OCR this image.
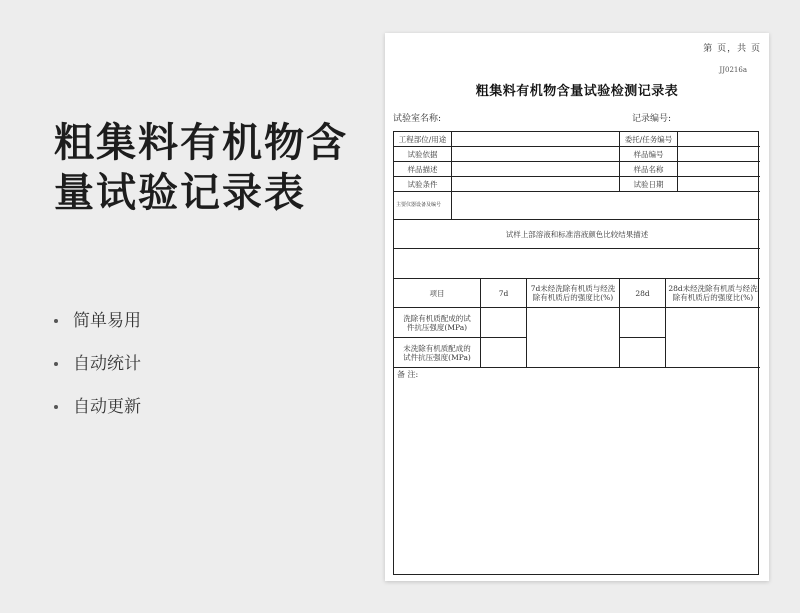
粗集料有机物含量试验记录表
简单易用
自动统计
自动更新
第 页，共 页
JJ0216a
粗集料有机物含量试验检测记录表
试验室名称:	记录编号:
工程部位/用途	委托/任务编号
试验依据	样品编号
样品描述	样品名称
试验条件	试验日期
主要仪器设备及编号
试样上部溶液和标准溶液颜色比较结果描述
项目	7d	7d未经洗除有机质与经洗除有机质后的强度比(%)	28d	28d未经洗除有机质与经洗除有机质后的强度比(%)
洗除有机质配成的试件抗压强度(MPa)
未洗除有机质配成的试件抗压强度(MPa)
备 注:
